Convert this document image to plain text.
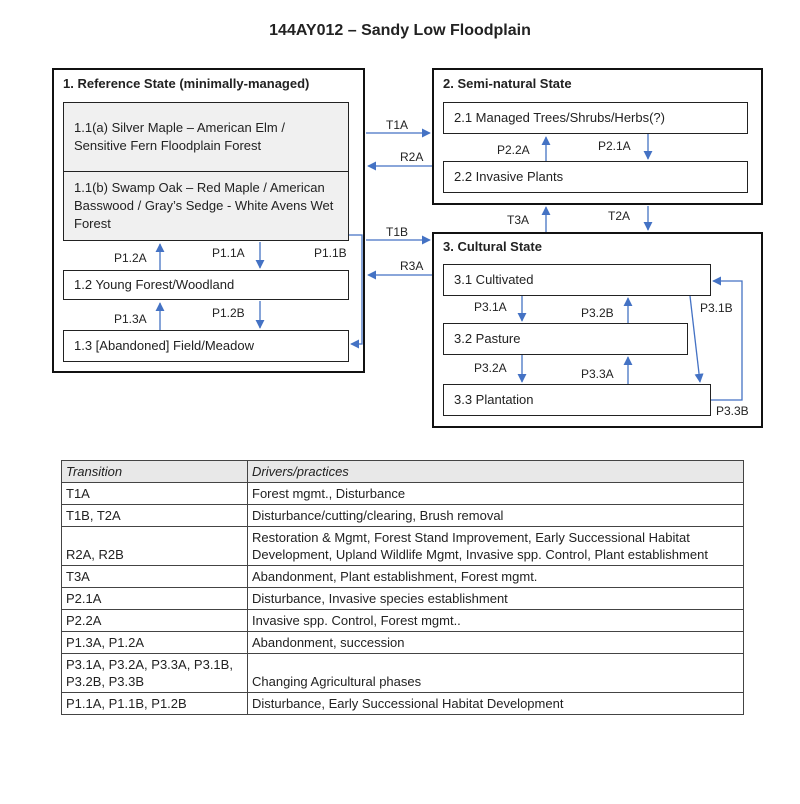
144AY012 – Sandy Low Floodplain
1. Reference State (minimally-managed)
1.1(a) Silver Maple – American Elm / Sensitive Fern Floodplain Forest
1.1(b) Swamp Oak – Red Maple / American Basswood / Gray’s Sedge - White Avens Wet Forest
1.2 Young Forest/Woodland
1.3 [Abandoned] Field/Meadow
2. Semi-natural State
2.1 Managed Trees/Shrubs/Herbs(?)
2.2 Invasive Plants
3. Cultural State
3.1 Cultivated
3.2 Pasture
3.3 Plantation
P1.2A	P1.1A	P1.1B
P1.3A	P1.2B
T1A
R2A
T1B
R3A
P2.2A	P2.1A
T3A	T2A
P3.1A	P3.2B	P3.1B
P3.2A	P3.3A
P3.3B
Transition	Drivers/practices
T1A	Forest mgmt., Disturbance
T1B, T2A	Disturbance/cutting/clearing, Brush removal
R2A, R2B	Restoration & Mgmt, Forest Stand Improvement, Early Successional Habitat Development, Upland Wildlife Mgmt, Invasive spp. Control, Plant establishment
T3A	Abandonment, Plant establishment, Forest mgmt.
P2.1A	Disturbance, Invasive species establishment
P2.2A	Invasive spp. Control, Forest mgmt..
P1.3A, P1.2A	Abandonment, succession
P3.1A, P3.2A, P3.3A, P3.1B, P3.2B, P3.3B	Changing Agricultural phases
P1.1A, P1.1B, P1.2B	Disturbance, Early Successional Habitat Development
